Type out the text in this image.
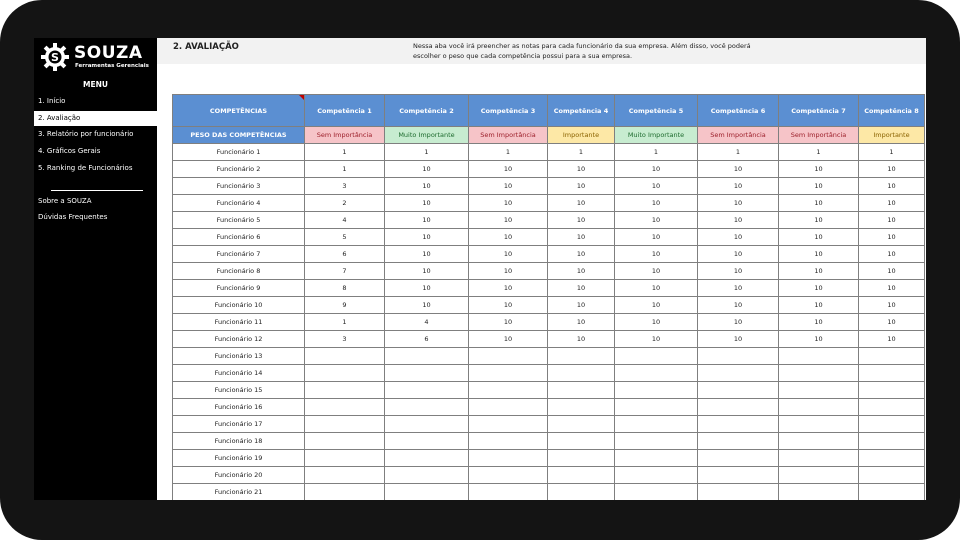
S SOUZA
Ferramentas Gerenciais
MENU
1. Início
2. Avaliação
3. Relatório por funcionário
4. Gráficos Gerais
5. Ranking de Funcionários
Sobre a SOUZA
Dúvidas Frequentes
2. AVALIAÇÃO	Nessa aba você irá preencher as notas para cada funcionário da sua empresa. Além disso, você poderá escolher o peso que cada competência possui para a sua empresa.
COMPETÊNCIAS	Competência 1	Competência 2	Competência 3	Competência 4	Competência 5	Competência 6	Competência 7	Competência 8
PESO DAS COMPETÊNCIAS	Sem Importância	Muito Importante	Sem Importância	Importante	Muito Importante	Sem Importância	Sem Importância	Importante
Funcionário 1	1	1	1	1	1	1	1	1
Funcionário 2	1	10	10	10	10	10	10	10
Funcionário 3	3	10	10	10	10	10	10	10
Funcionário 4	2	10	10	10	10	10	10	10
Funcionário 5	4	10	10	10	10	10	10	10
Funcionário 6	5	10	10	10	10	10	10	10
Funcionário 7	6	10	10	10	10	10	10	10
Funcionário 8	7	10	10	10	10	10	10	10
Funcionário 9	8	10	10	10	10	10	10	10
Funcionário 10	9	10	10	10	10	10	10	10
Funcionário 11	1	4	10	10	10	10	10	10
Funcionário 12	3	6	10	10	10	10	10	10
Funcionário 13								
Funcionário 14								
Funcionário 15								
Funcionário 16								
Funcionário 17								
Funcionário 18								
Funcionário 19								
Funcionário 20								
Funcionário 21								
